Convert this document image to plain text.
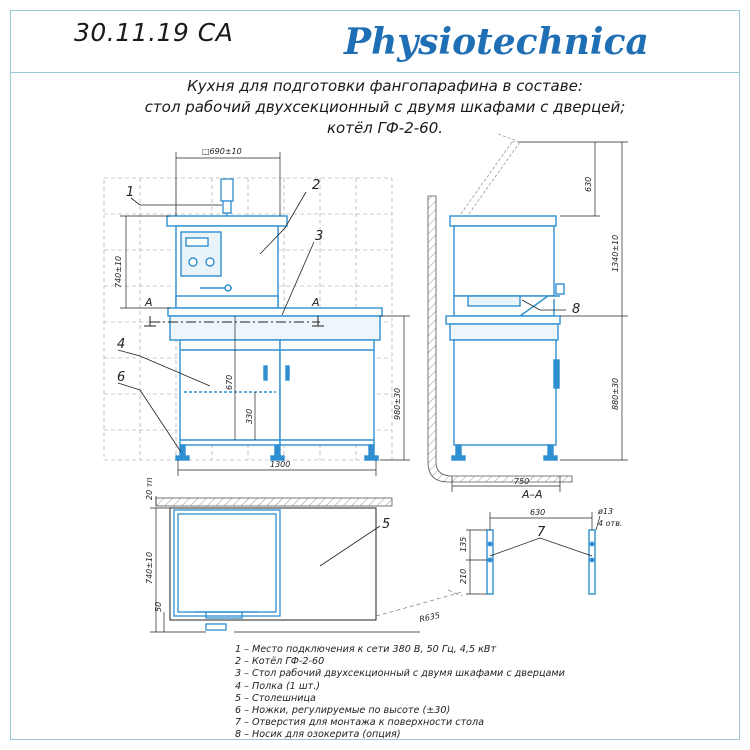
30.11.19 СА	Physiotechnica
Кухня для подготовки фангопарафина в составе:
стол рабочий двухсекционный с двумя шкафами с дверцей;
котёл ГФ-2-60.
А	А
1	2
3
4
6
□690±10
740±10
670
330	980±30
1300
8
630
1340±10
880±30
750
5
20 тп
740±10
50
R635
А–А
630
135
210
ø13
4 отв.
7
1 – Место подключения к сети 380 В, 50 Гц, 4,5 кВт
2 – Котёл ГФ-2-60
3 – Стол рабочий двухсекционный с двумя шкафами с дверцами
4 – Полка (1 шт.)
5 – Столешница
6 – Ножки, регулируемые по высоте (±30)
7 – Отверстия для монтажа к поверхности стола
8 – Носик для озокерита (опция)
